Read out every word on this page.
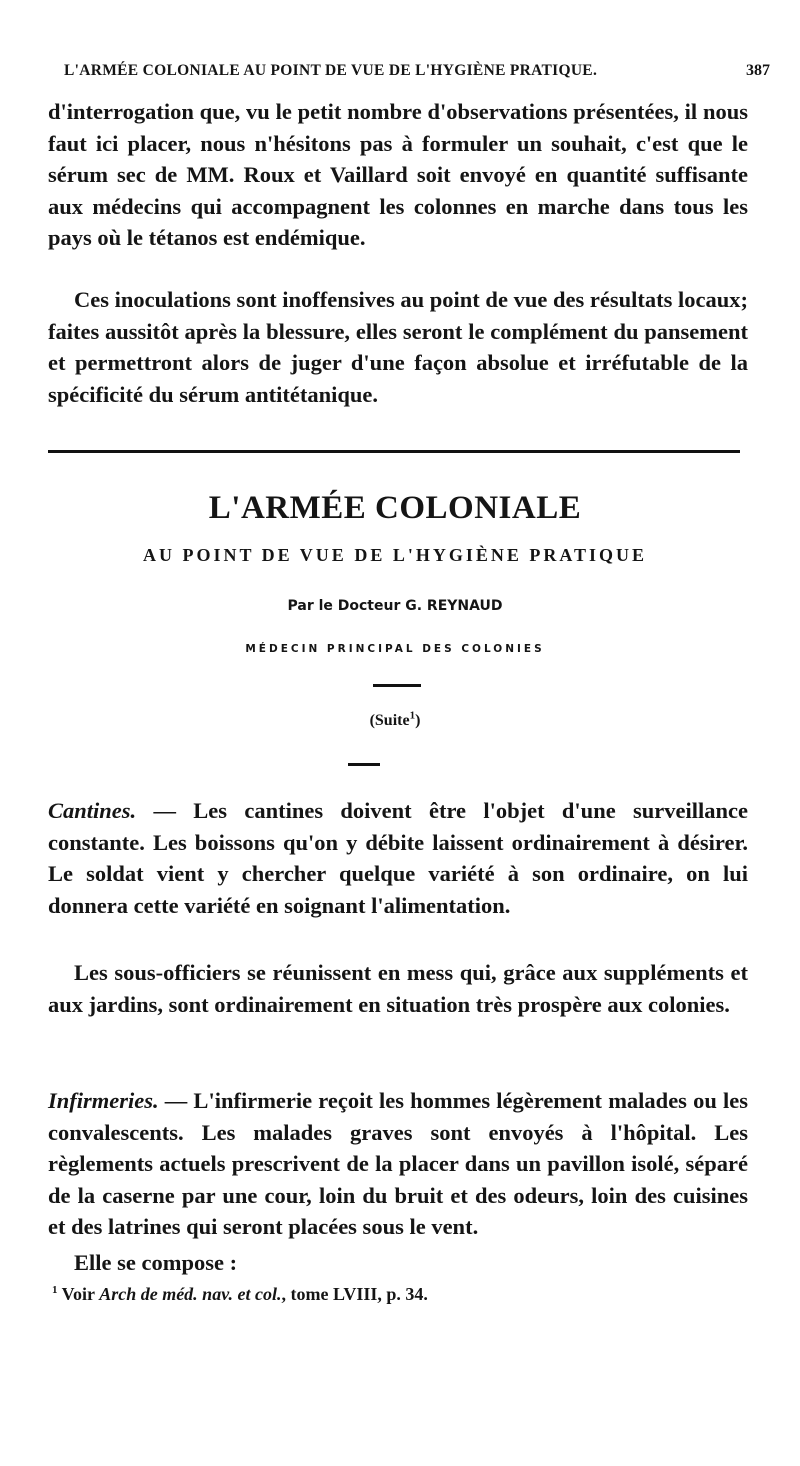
L'ARMÉE COLONIALE AU POINT DE VUE DE L'HYGIÈNE PRATIQUE.	387

d'interrogation que, vu le petit nombre d'observations présentées, il nous faut ici placer, nous n'hésitons pas à formuler un souhait, c'est que le sérum sec de MM. Roux et Vaillard soit envoyé en quantité suffisante aux médecins qui accompagnent les colonnes en marche dans tous les pays où le tétanos est endémique.

Ces inoculations sont inoffensives au point de vue des résultats locaux; faites aussitôt après la blessure, elles seront le complément du pansement et permettront alors de juger d'une façon absolue et irréfutable de la spécificité du sérum antitétanique.

L'ARMÉE COLONIALE
AU POINT DE VUE DE L'HYGIÈNE PRATIQUE
Par le Docteur G. REYNAUD
MÉDECIN PRINCIPAL DES COLONIES
(Suite$^1$)

Cantines. — Les cantines doivent être l'objet d'une surveillance constante. Les boissons qu'on y débite laissent ordinairement à désirer. Le soldat vient y chercher quelque variété à son ordinaire, on lui donnera cette variété en soignant l'alimentation.

Les sous-officiers se réunissent en mess qui, grâce aux suppléments et aux jardins, sont ordinairement en situation très prospère aux colonies.

Infirmeries. — L'infirmerie reçoit les hommes légèrement malades ou les convalescents. Les malades graves sont envoyés à l'hôpital. Les règlements actuels prescrivent de la placer dans un pavillon isolé, séparé de la caserne par une cour, loin du bruit et des odeurs, loin des cuisines et des latrines qui seront placées sous le vent.

Elle se compose :

$^1$ Voir Arch de méd. nav. et col., tome LVIII, p. 34.
